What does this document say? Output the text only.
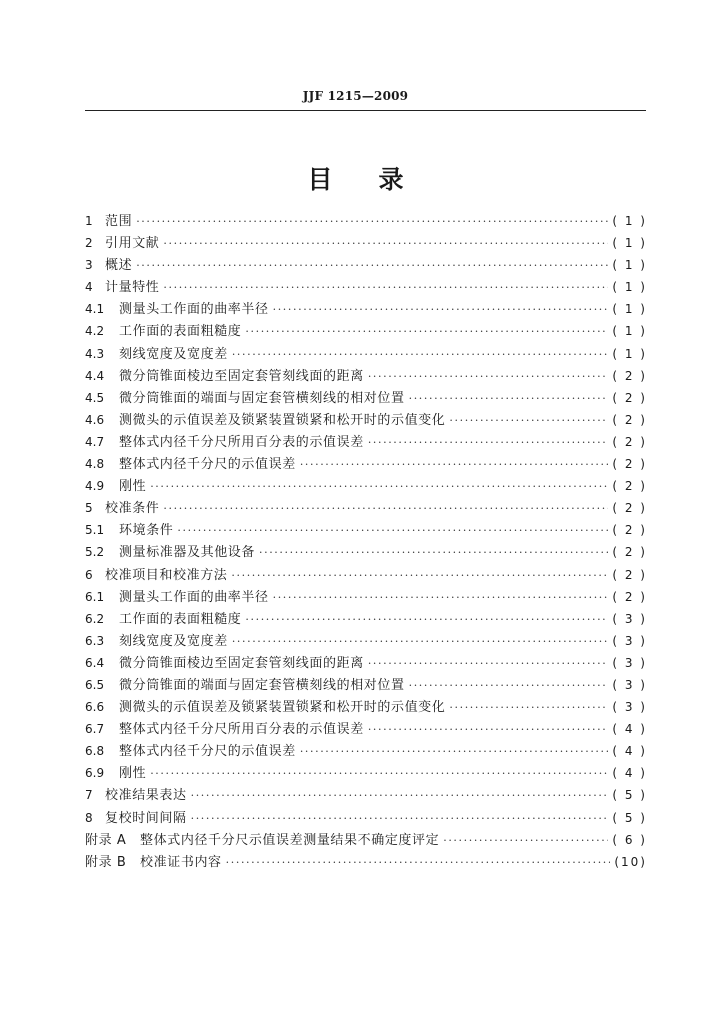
JJF 1215—2009
目 录
1 范围 ·····	( 1 )
2 引用文献 ·····	( 1 )
3 概述 ·····	( 1 )
4 计量特性 ·····	( 1 )
4.1	测量头工作面的曲率半径 ·····	( 1 )
4.2	工作面的表面粗糙度 ·····	( 1 )
4.3	刻线宽度及宽度差 ·····	( 1 )
4.4	微分筒锥面棱边至固定套管刻线面的距离 ·····	( 2 )
4.5	微分筒锥面的端面与固定套管横刻线的相对位置 ·····	( 2 )
4.6	测微头的示值误差及锁紧装置锁紧和松开时的示值变化 ·····	( 2 )
4.7	整体式内径千分尺所用百分表的示值误差 ·····	( 2 )
4.8	整体式内径千分尺的示值误差 ·····	( 2 )
4.9	刚性 ·····	( 2 )
5 校准条件 ·····	( 2 )
5.1	环境条件 ·····	( 2 )
5.2	测量标准器及其他设备 ·····	( 2 )
6 校准项目和校准方法 ·····	( 2 )
6.1	测量头工作面的曲率半径 ·····	( 2 )
6.2	工作面的表面粗糙度 ·····	( 3 )
6.3	刻线宽度及宽度差 ·····	( 3 )
6.4	微分筒锥面棱边至固定套管刻线面的距离 ·····	( 3 )
6.5	微分筒锥面的端面与固定套管横刻线的相对位置 ·····	( 3 )
6.6	测微头的示值误差及锁紧装置锁紧和松开时的示值变化 ·····	( 3 )
6.7	整体式内径千分尺所用百分表的示值误差 ·····	( 4 )
6.8	整体式内径千分尺的示值误差 ·····	( 4 )
6.9	刚性 ·····	( 4 )
7 校准结果表达 ·····	( 5 )
8 复校时间间隔 ·····	( 5 )
附录 A　整体式内径千分尺示值误差测量结果不确定度评定 ·····	( 6 )
附录 B　校准证书内容 ·····	(10)
